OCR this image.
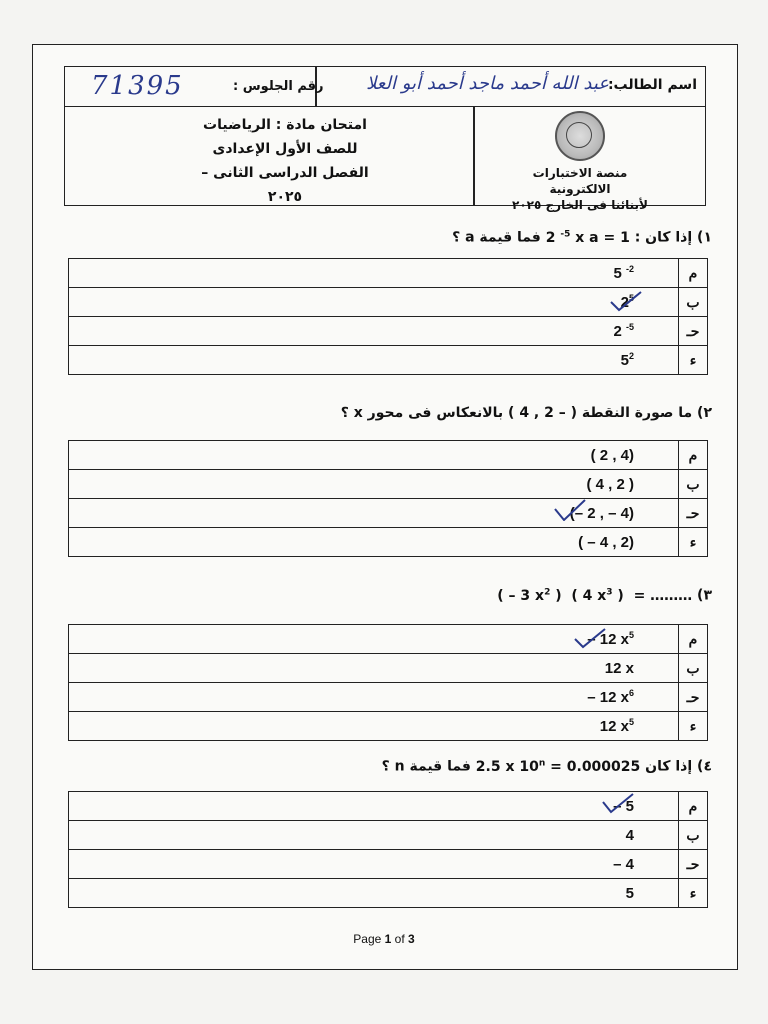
اسم الطالب:
عبد الله أحمد ماجد أحمد أبو العلا
رقم الجلوس :
71395
امتحان مادة : الرياضيات
للصف الأول الإعدادى
الفصل الدراسى الثانى – ٢٠٢٥
منصة الاختبارات الالكترونية
لأبنائنا فى الخارج ٢٠٢٥
١) إذا كان : 2 $^{-5}$ x a = 1 فما قيمة a ؟
5 $^{-2}$	م
$2^5$	ب
2 $^{-5}$	حـ
$5^2$	ء
٢) ما صورة النقطة ( 4 , 2 – ) بالانعكاس فى محور x ؟
( 2 , 4)	م
( 4 , 2 )	ب
(– 2 , – 4)	حـ
( – 4 , 2)	ء
٣) ( – 3 $x^2$ )  ( 4 $x^3$ )  = ………
– 12 $x^5$	م
12 x	ب
– 12 $x^6$	حـ
12 $x^5$	ء
٤) إذا كان 2.5 x $10^n = 0.000025$ فما قيمة n ؟
– 5	م
4	ب
– 4	حـ
5	ء
Page 1 of 3
